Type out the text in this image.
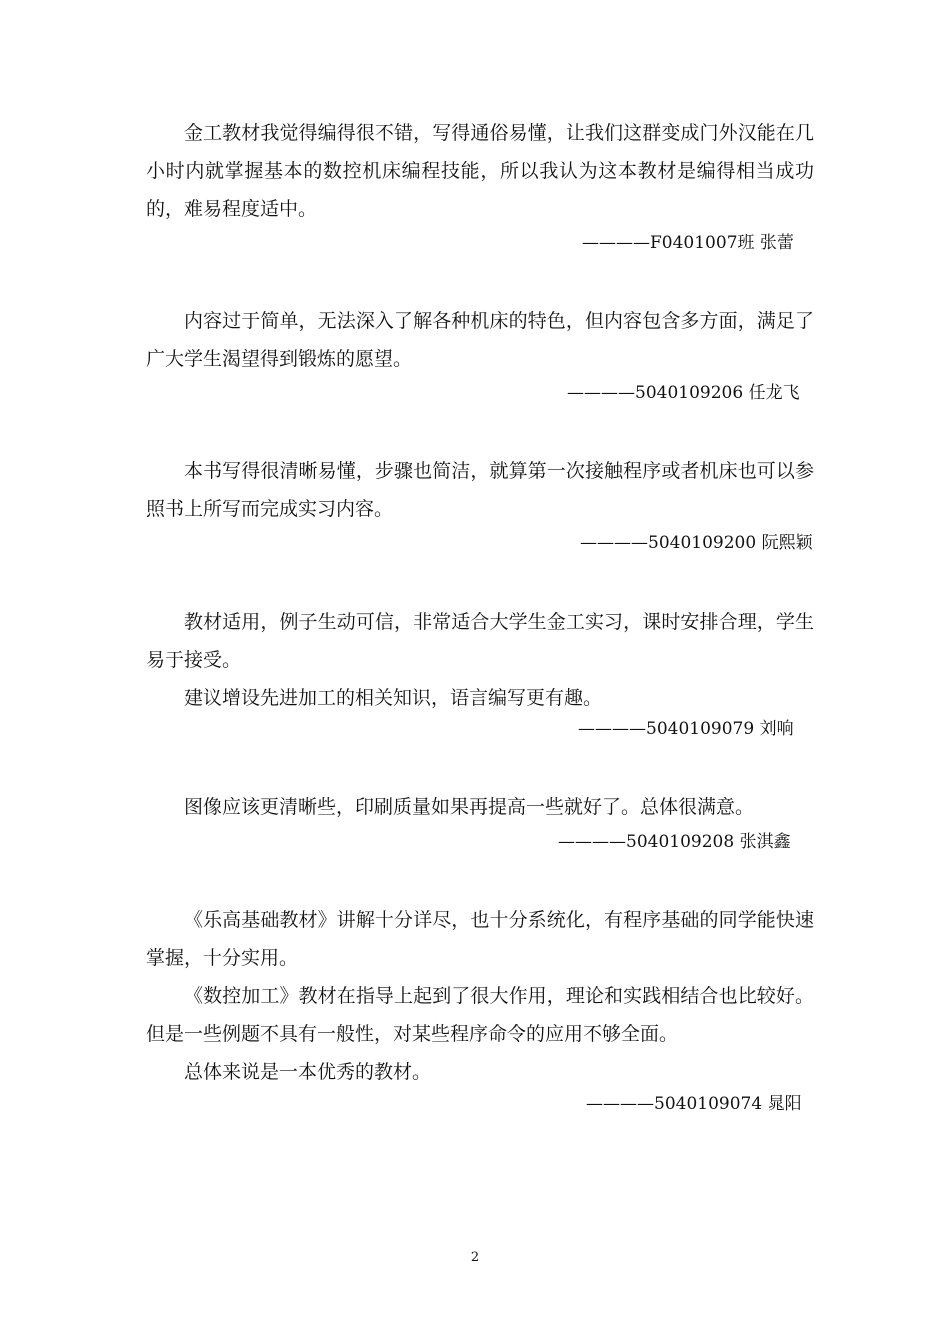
金工教材我觉得编得很不错，写得通俗易懂，让我们这群变成门外汉能在几小时内就掌握基本的数控机床编程技能，所以我认为这本教材是编得相当成功的，难易程度适中。

————F0401007班 张蕾

内容过于简单，无法深入了解各种机床的特色，但内容包含多方面，满足了广大学生渴望得到锻炼的愿望。

————5040109206 任龙飞

本书写得很清晰易懂，步骤也简洁，就算第一次接触程序或者机床也可以参照书上所写而完成实习内容。

————5040109200 阮熙颖

教材适用，例子生动可信，非常适合大学生金工实习，课时安排合理，学生易于接受。

建议增设先进加工的相关知识，语言编写更有趣。

————5040109079 刘响

图像应该更清晰些，印刷质量如果再提高一些就好了。总体很满意。

————5040109208 张淇鑫

《乐高基础教材》讲解十分详尽，也十分系统化，有程序基础的同学能快速掌握，十分实用。

《数控加工》教材在指导上起到了很大作用，理论和实践相结合也比较好。但是一些例题不具有一般性，对某些程序命令的应用不够全面。

总体来说是一本优秀的教材。

————5040109074 晁阳

2
